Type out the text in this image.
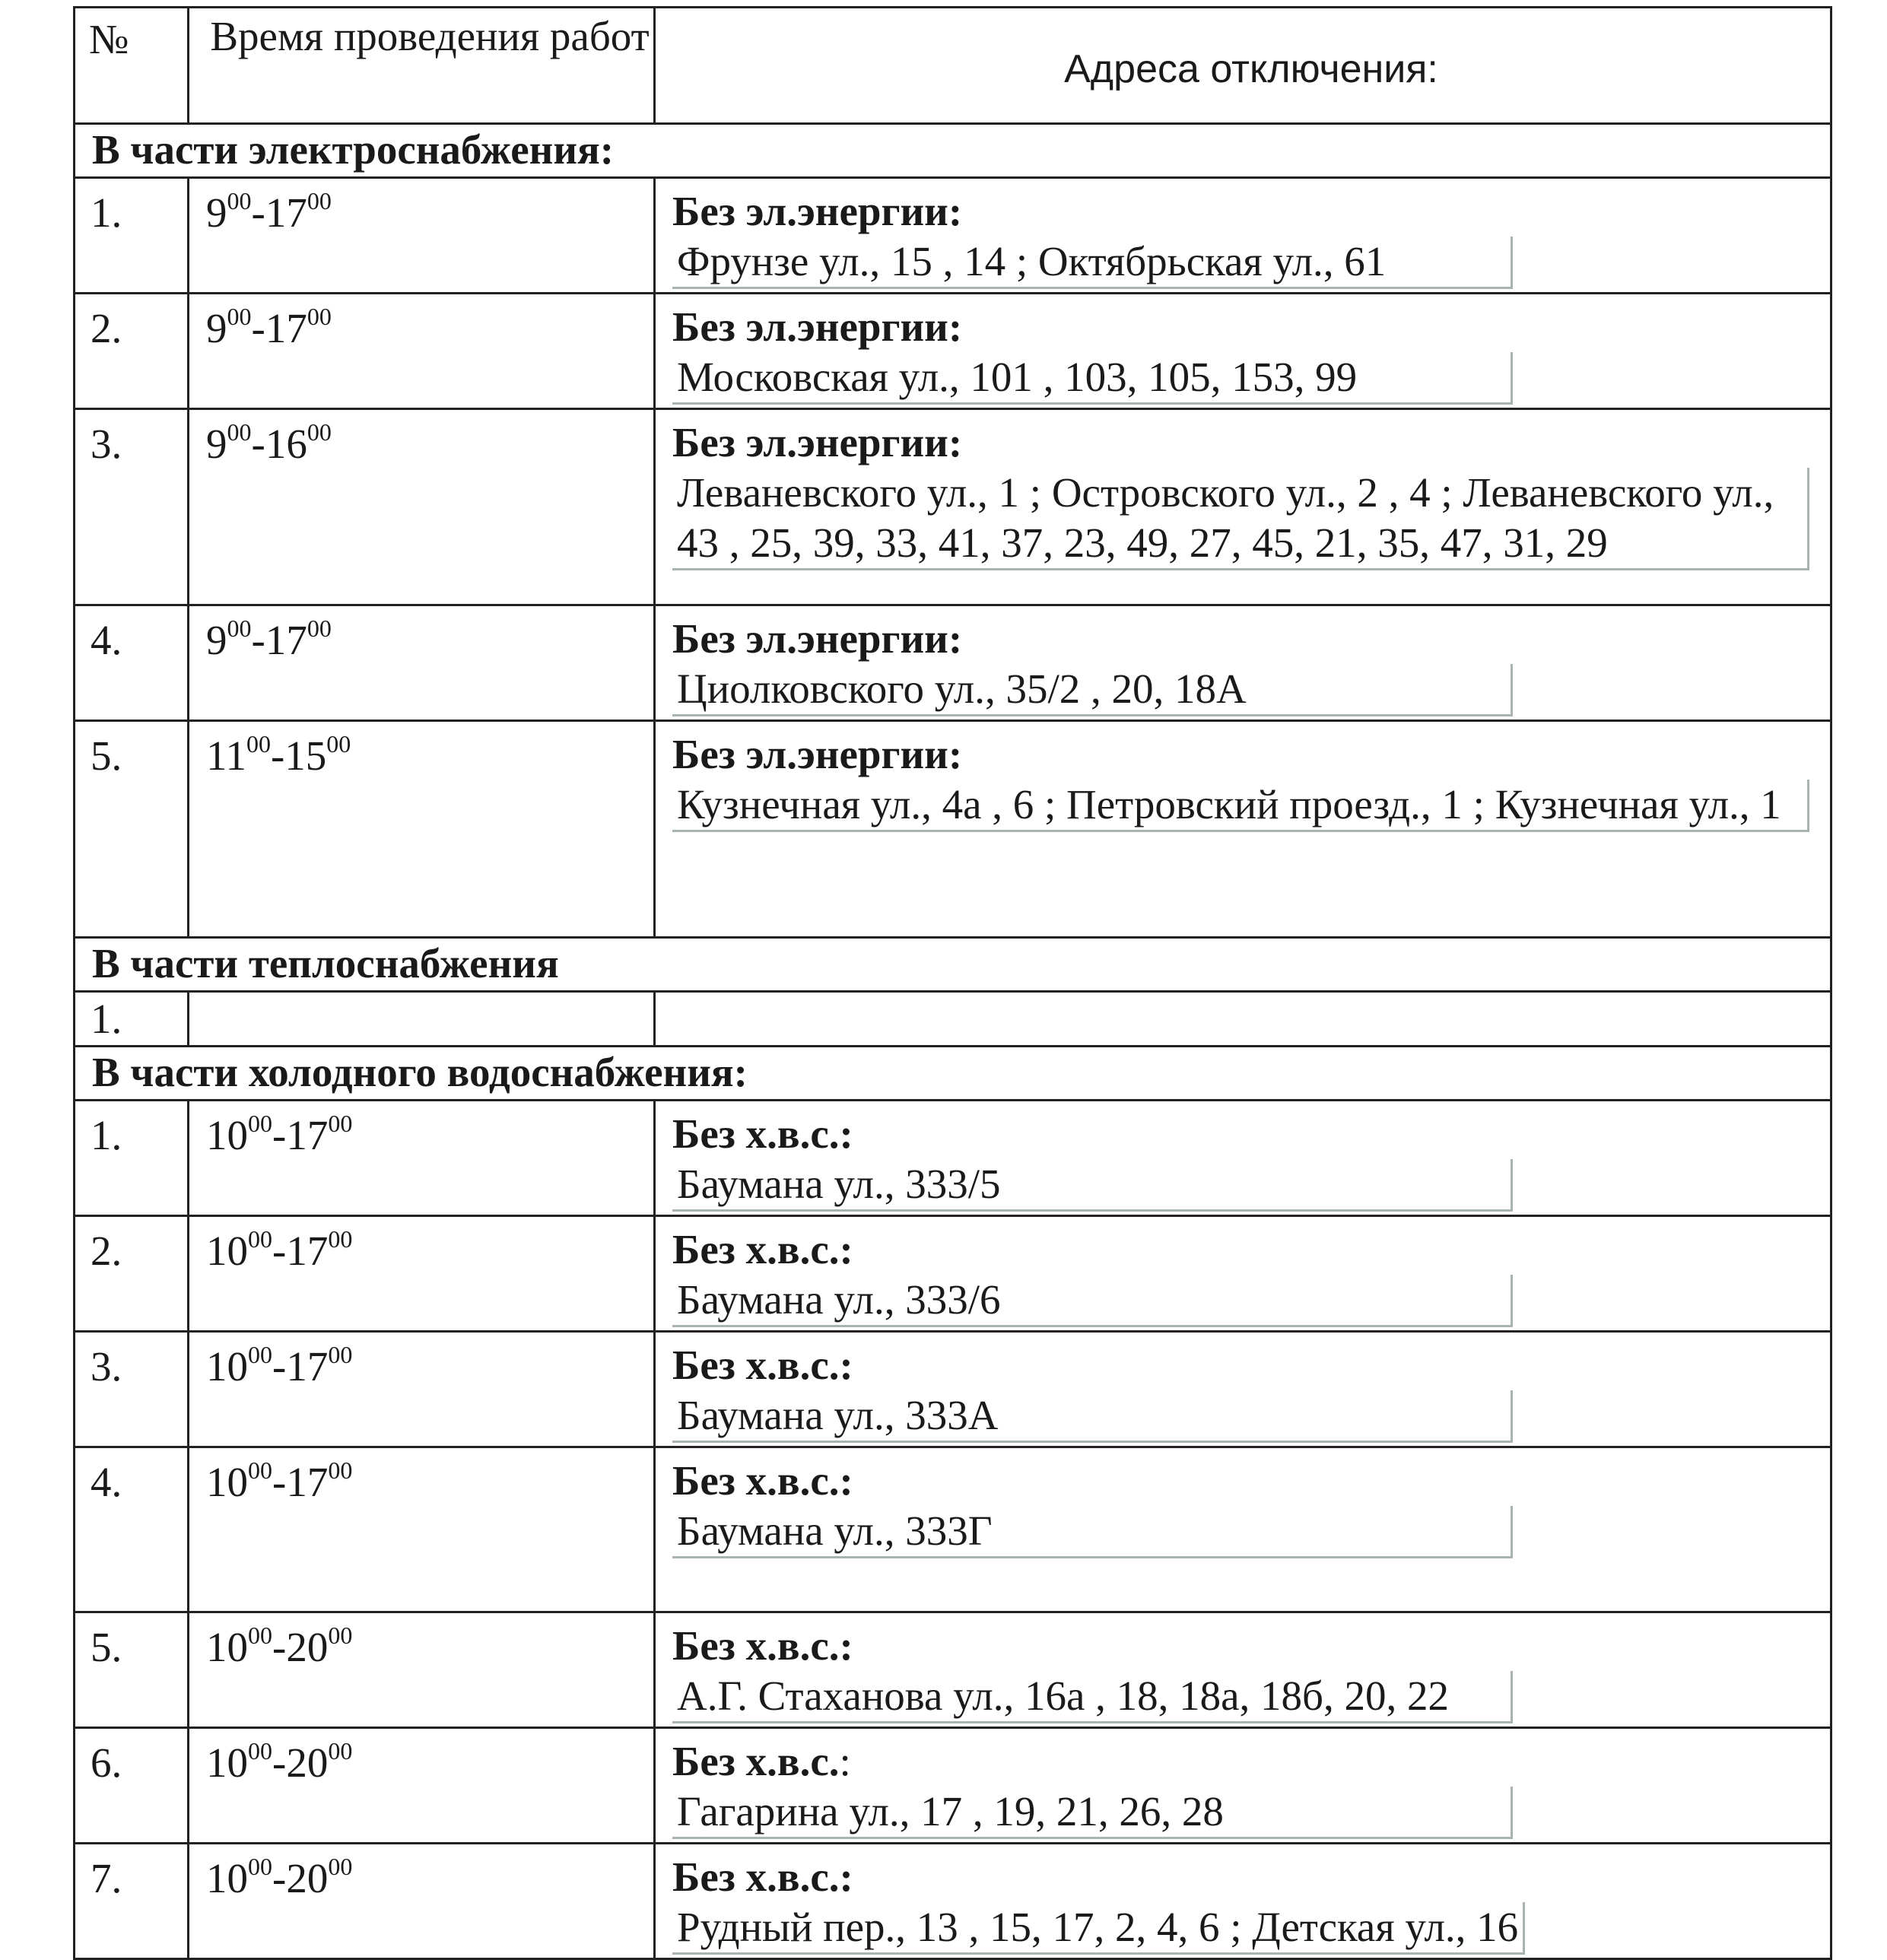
№	Время проведения работ	Адреса отключения:
В части электроснабжения:		
1.	$9^{00}-17^{00}$	Без эл.энергии:
Фрунзе ул., 15 , 14 ; Октябрьская ул., 61
2.	$9^{00}-17^{00}$	Без эл.энергии:
Московская ул., 101 , 103, 105, 153, 99
3.	$9^{00}-16^{00}$	Без эл.энергии:
Леваневского ул., 1 ; Островского ул., 2 , 4 ; Леваневского ул., 43 , 25, 39, 33, 41, 37, 23, 49, 27, 45, 21, 35, 47, 31, 29

4.	$9^{00}-17^{00}$	Без эл.энергии:
Циолковского ул., 35/2 , 20, 18А
5.	$11^{00}-15^{00}$	Без эл.энергии:
Кузнечная ул., 4а , 6 ; Петровский проезд., 1 ; Кузнечная ул., 1

В части теплоснабжения		
1.		
В части холодного водоснабжения:		
1.	$10^{00}-17^{00}$	Без х.в.с.:
Баумана ул., 333/5
2.	$10^{00}-17^{00}$	Без х.в.с.:
Баумана ул., 333/6
3.	$10^{00}-17^{00}$	Без х.в.с.:
Баумана ул., 333А
4.	$10^{00}-17^{00}$	Без х.в.с.:
Баумана ул., 333Г
5.	$10^{00}-20^{00}$	Без х.в.с.:
А.Г. Стаханова ул., 16а , 18, 18а, 18б, 20, 22
6.	$10^{00}-20^{00}$	Без х.в.с.:
Гагарина ул., 17 , 19, 21, 26, 28
7.	$10^{00}-20^{00}$	Без х.в.с.:
Рудный пер., 13 , 15, 17, 2, 4, 6 ; Детская ул., 16
